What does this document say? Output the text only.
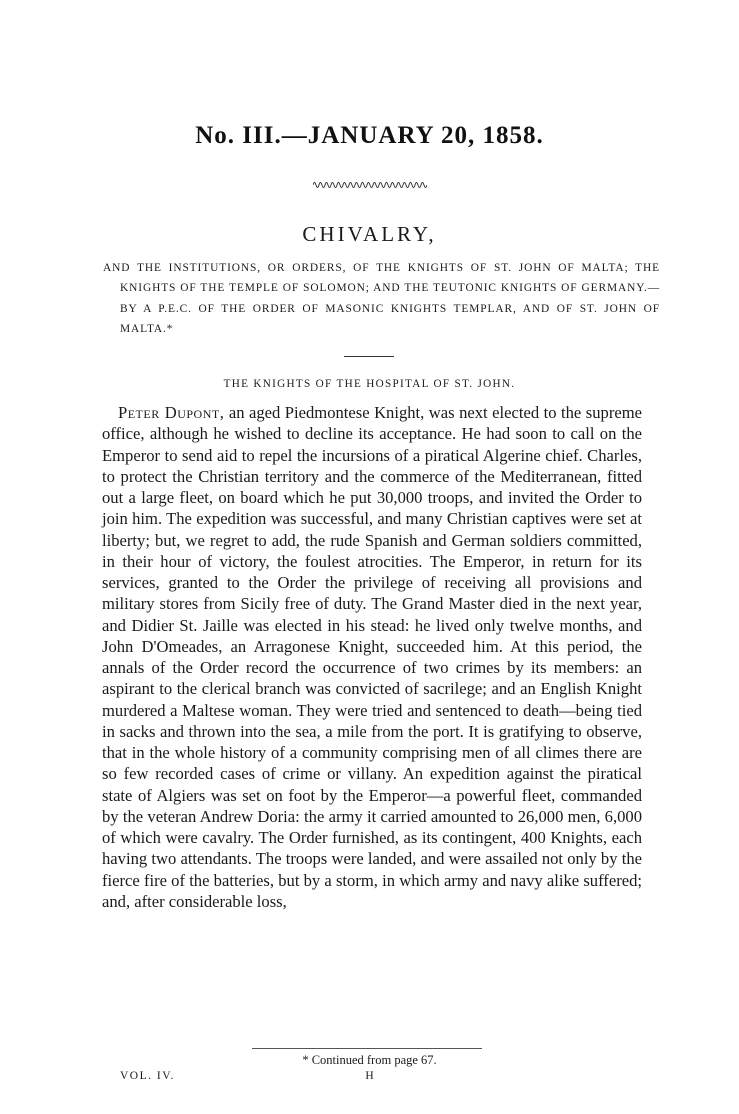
No. III.—JANUARY 20, 1858.
CHIVALRY,
AND THE INSTITUTIONS, OR ORDERS, OF THE KNIGHTS OF ST. JOHN OF MALTA; THE KNIGHTS OF THE TEMPLE OF SOLOMON; AND THE TEUTONIC KNIGHTS OF GERMANY.—BY A P.E.C. OF THE ORDER OF MASONIC KNIGHTS TEMPLAR, AND OF ST. JOHN OF MALTA.*
THE KNIGHTS OF THE HOSPITAL OF ST. JOHN.

Peter Dupont, an aged Piedmontese Knight, was next elected to the supreme office, although he wished to decline its acceptance. He had soon to call on the Emperor to send aid to repel the incursions of a piratical Algerine chief. Charles, to protect the Christian territory and the commerce of the Mediterranean, fitted out a large fleet, on board which he put 30,000 troops, and invited the Order to join him. The expedition was successful, and many Christian captives were set at liberty; but, we regret to add, the rude Spanish and German soldiers committed, in their hour of victory, the foulest atrocities. The Emperor, in return for its services, granted to the Order the privilege of receiving all provisions and military stores from Sicily free of duty. The Grand Master died in the next year, and Didier St. Jaille was elected in his stead: he lived only twelve months, and John D'Omeades, an Arragonese Knight, succeeded him. At this period, the annals of the Order record the occurrence of two crimes by its members: an aspirant to the clerical branch was convicted of sacrilege; and an English Knight murdered a Maltese woman. They were tried and sentenced to death—being tied in sacks and thrown into the sea, a mile from the port. It is gratifying to observe, that in the whole history of a community comprising men of all climes there are so few recorded cases of crime or villany. An expedition against the piratical state of Algiers was set on foot by the Emperor—a powerful fleet, commanded by the veteran Andrew Doria: the army it carried amounted to 26,000 men, 6,000 of which were cavalry. The Order furnished, as its contingent, 400 Knights, each having two attendants. The troops were landed, and were assailed not only by the fierce fire of the batteries, but by a storm, in which army and navy alike suffered; and, after considerable loss,

* Continued from page 67.
VOL. IV.	H
